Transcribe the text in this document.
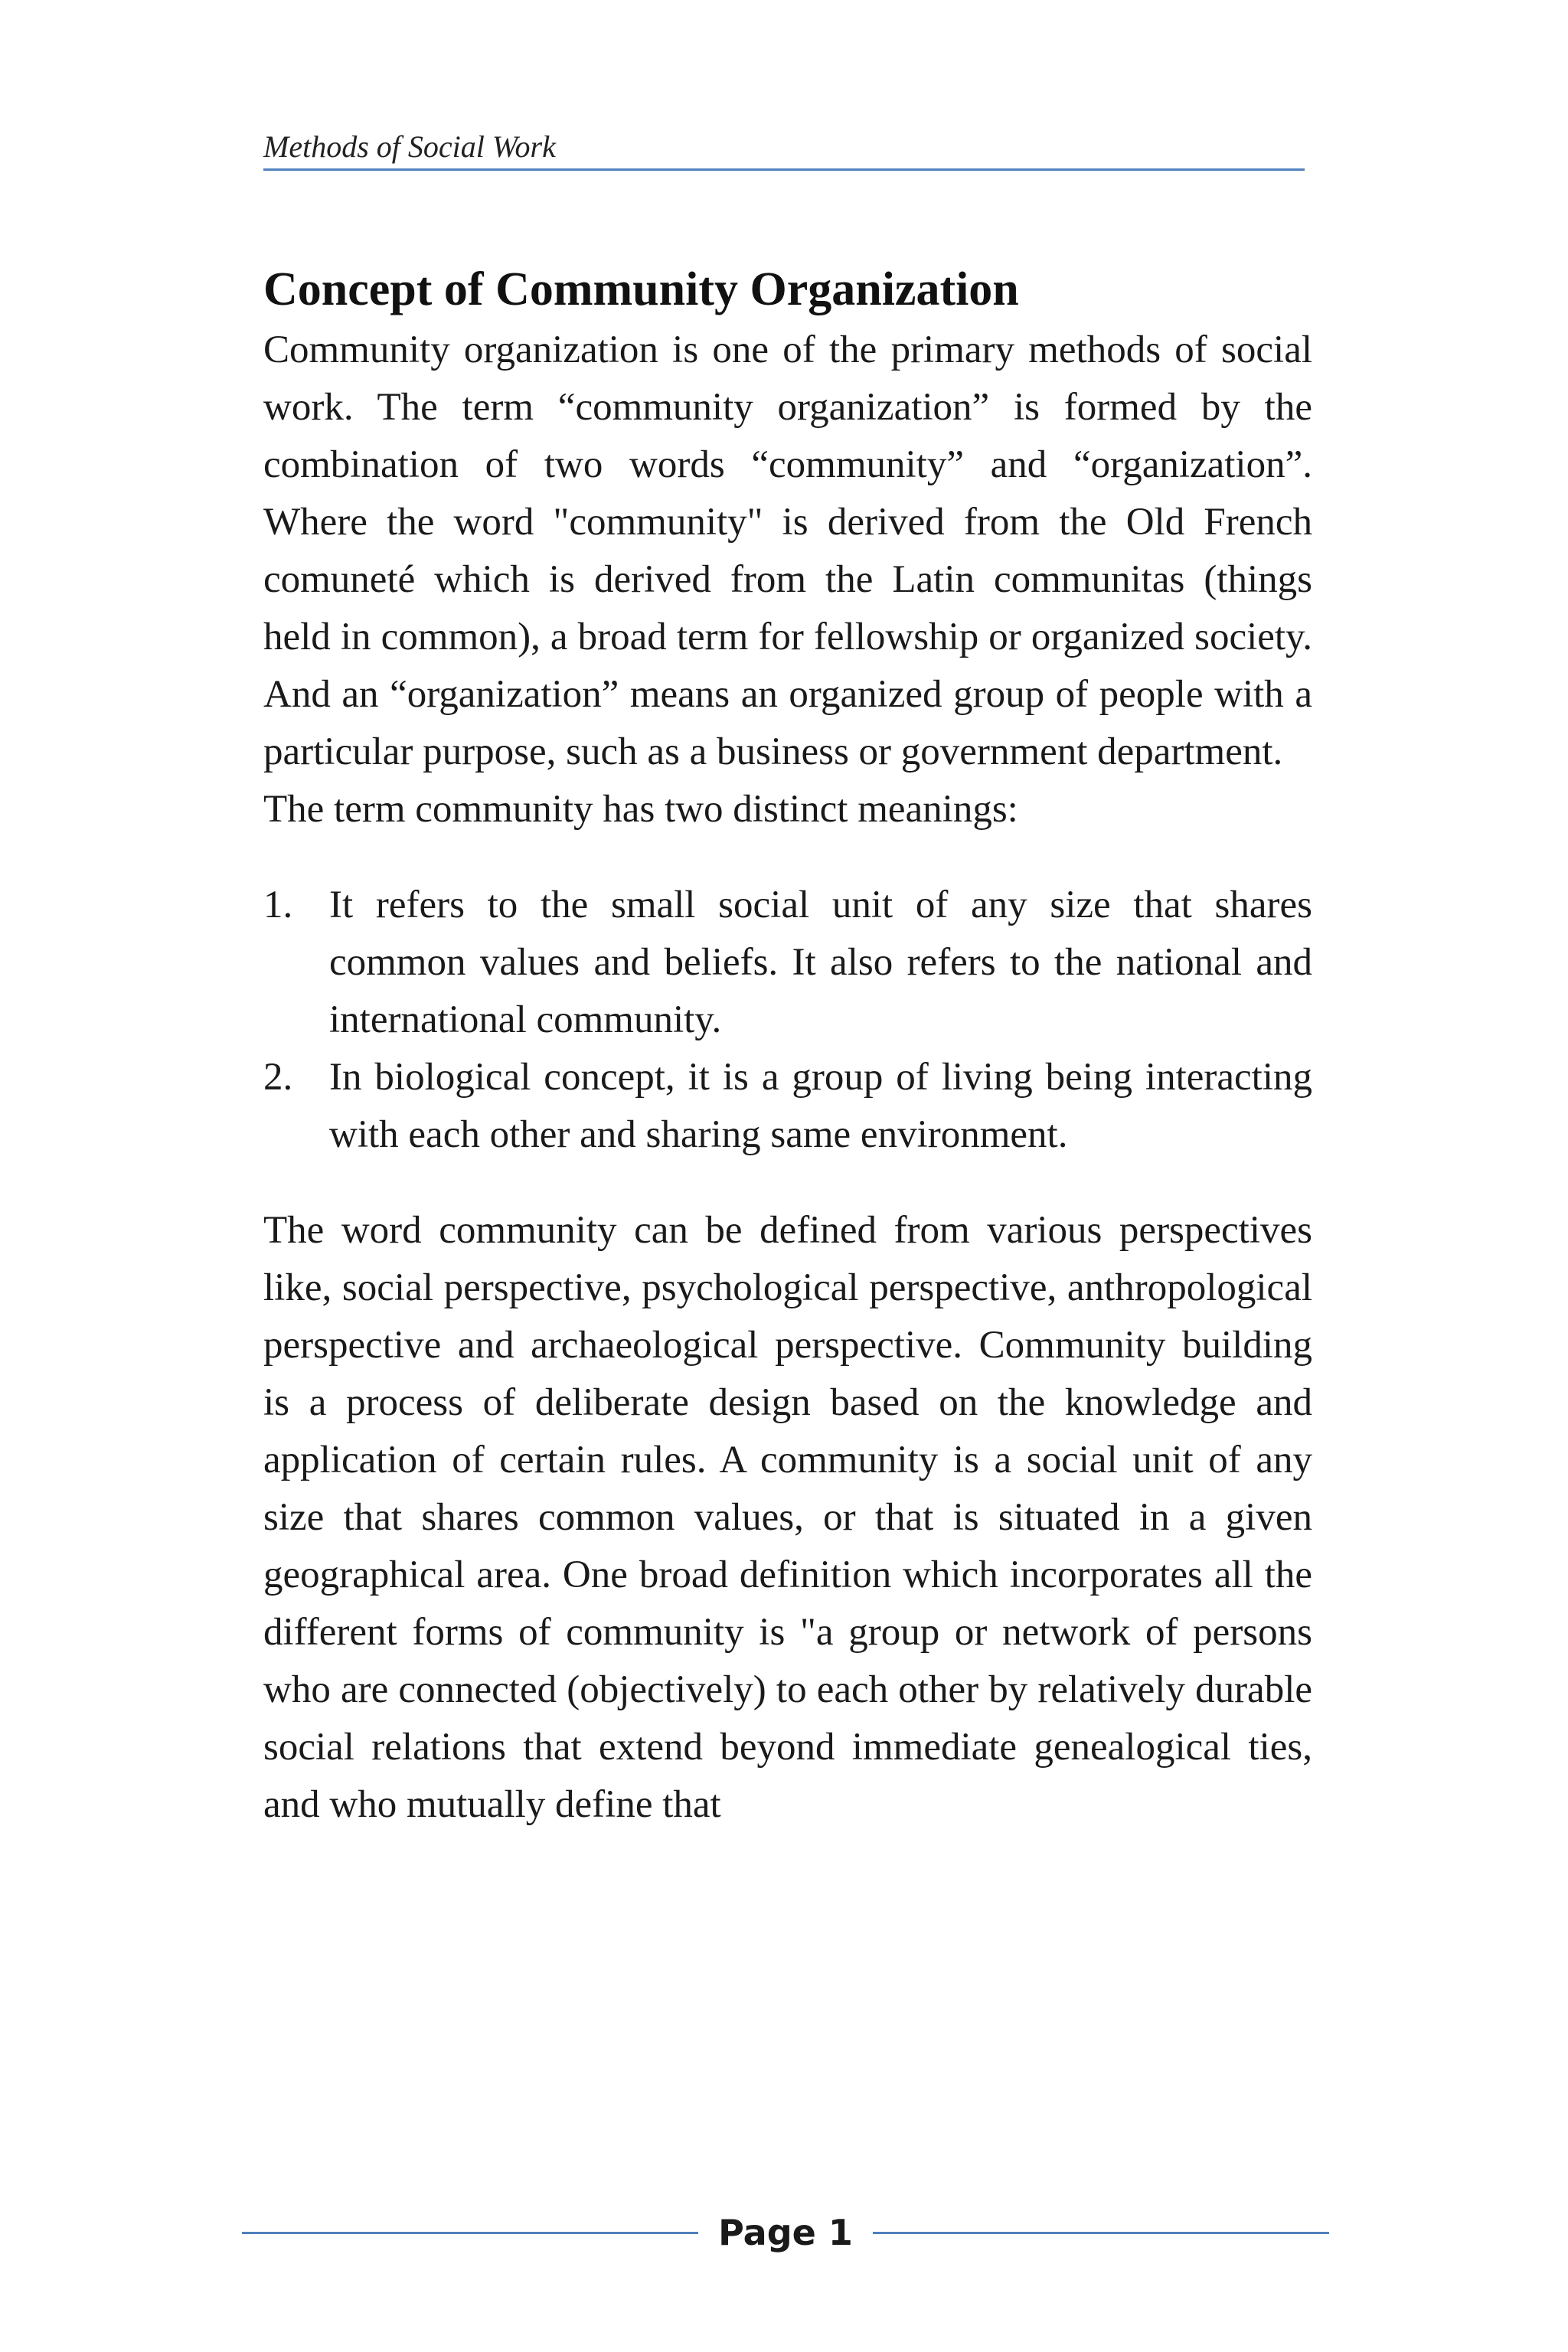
Methods of Social Work
Concept of Community Organization

Community organization is one of the primary methods of social work. The term “community organization” is formed by the combination of two words “community” and “organization”. Where the word "community" is derived from the Old French comuneté which is derived from the Latin communitas (things held in common), a broad term for fellowship or organized society. And an “organization” means an organized group of people with a particular purpose, such as a business or government department.

The term community has two distinct meanings:

1. It refers to the small social unit of any size that shares common values and beliefs. It also refers to the national and international community.
2. In biological concept, it is a group of living being interacting with each other and sharing same environment.

The word community can be defined from various perspectives like, social perspective, psychological perspective, anthropological perspective and archaeological perspective. Community building is a process of deliberate design based on the knowledge and application of certain rules. A community is a social unit of any size that shares common values, or that is situated in a given geographical area. One broad definition which incorporates all the different forms of community is "a group or network of persons who are connected (objectively) to each other by relatively durable social relations that extend beyond immediate genealogical ties, and who mutually define that

Page 1
